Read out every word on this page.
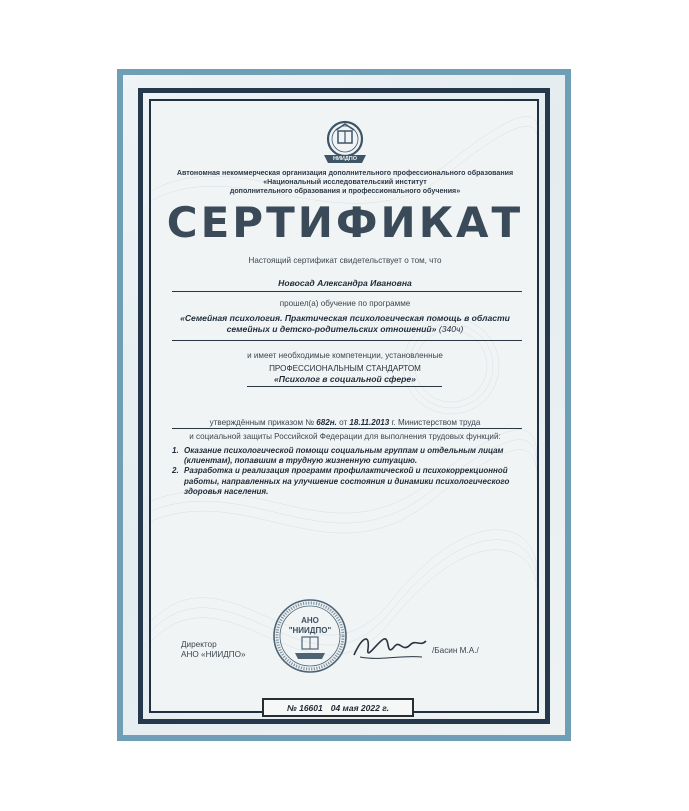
НИИДПО
Автономная некоммерческая организация дополнительного профессионального образования
«Национальный исследовательский институт
дополнительного образования и профессионального обучения»
СЕРТИФИКАТ
Настоящий сертификат свидетельствует о том, что
Новосад Александра Ивановна
прошел(а) обучение по программе
«Семейная психология. Практическая психологическая помощь в области
семейных и детско-родительских отношений» (340ч)
и имеет необходимые компетенции, установленные
ПРОФЕССИОНАЛЬНЫМ СТАНДАРТОМ
«Психолог в социальной сфере»
утверждённым приказом № 682н. от 18.11.2013 г. Министерством труда
и социальной защиты Российской Федерации для выполнения трудовых функций:
1. Оказание психологической помощи социальным группам и отдельным лицам (клиентам), попавшим в трудную жизненную ситуацию.
2. Разработка и реализация программ профилактической и психокоррекционной работы, направленных на улучшение состояния и динамики психологического здоровья населения.
АНО
"НИИДПО"
Директор
АНО «НИИДПО»	/Басин М.А./
№ 16601 04 мая 2022 г.
